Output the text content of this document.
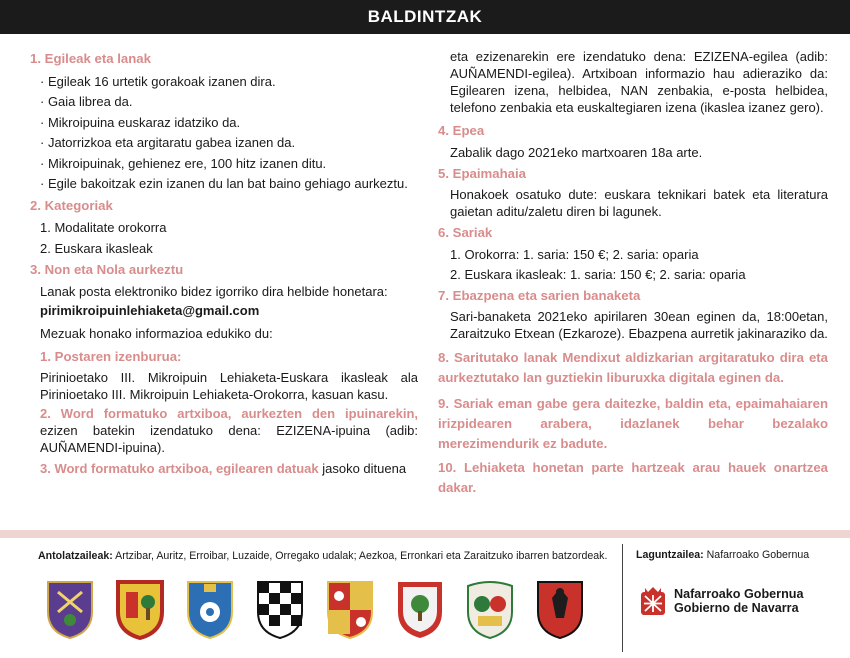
BALDINTZAK
1. Egileak eta lanak
· Egileak 16 urtetik gorakoak izanen dira.
· Gaia librea da.
· Mikroipuina euskaraz idatziko da.
· Jatorrizkoa eta argitaratu gabea izanen da.
· Mikroipuinak, gehienez ere, 100 hitz izanen ditu.
· Egile bakoitzak ezin izanen du lan bat baino gehiago aurkeztu.
2. Kategoriak
1. Modalitate orokorra
2. Euskara ikasleak
3. Non eta Nola aurkeztu
Lanak posta elektroniko bidez igorriko dira helbide honetara:
pirimikroipuinlehiaketa@gmail.com
Mezuak honako informazioa edukiko du:
1. Postaren izenburua:
Pirinioetako III. Mikroipuin Lehiaketa-Euskara ikasleak ala Pirinioetako III. Mikroipuin Lehiaketa-Orokorra, kasuan kasu.
2. Word formatuko artxiboa, aurkezten den ipuinarekin, ezizen batekin izendatuko dena: EZIZENA-ipuina (adib: AUÑAMENDI-ipuina).
3. Word formatuko artxiboa, egilearen datuak jasoko dituena
eta ezizenarekin ere izendatuko dena: EZIZENA-egilea (adib: AUÑAMENDI-egilea). Artxiboan informazio hau adieraziko da: Egilearen izena, helbidea, NAN zenbakia, e-posta helbidea, telefono zenbakia eta euskaltegiaren izena (ikaslea izanez gero).
4. Epea
Zabalik dago 2021eko martxoaren 18a arte.
5. Epaimahaia
Honakoek osatuko dute: euskara teknikari batek eta literatura gaietan aditu/zaletu diren bi lagunek.
6. Sariak
1. Orokorra: 1. saria: 150 €; 2. saria: oparia
2. Euskara ikasleak: 1. saria: 150 €; 2. saria: oparia
7. Ebazpena eta sarien banaketa
Sari-banaketa 2021eko apirilaren 30ean eginen da, 18:00etan, Zaraitzuko Etxean (Ezkaroze). Ebazpena aurretik jakinaraziko da.
8. Saritutako lanak Mendixut aldizkarian argitaratuko dira eta aurkeztutako lan guztiekin liburuxka digitala eginen da.
9. Sariak eman gabe gera daitezke, baldin eta, epaimahaiaren irizpidearen arabera, idazlanek behar bezalako merezimendurik ez badute.
10. Lehiaketa honetan parte hartzeak arau hauek onartzea dakar.
Antolatzaileak: Artzibar, Auritz, Erroibar, Luzaide, Orregako udalak; Aezkoa, Erronkari eta Zaraitzuko ibarren batzordeak.	Laguntzailea: Nafarroako Gobernua
Nafarroako Gobernua
Gobierno de Navarra
